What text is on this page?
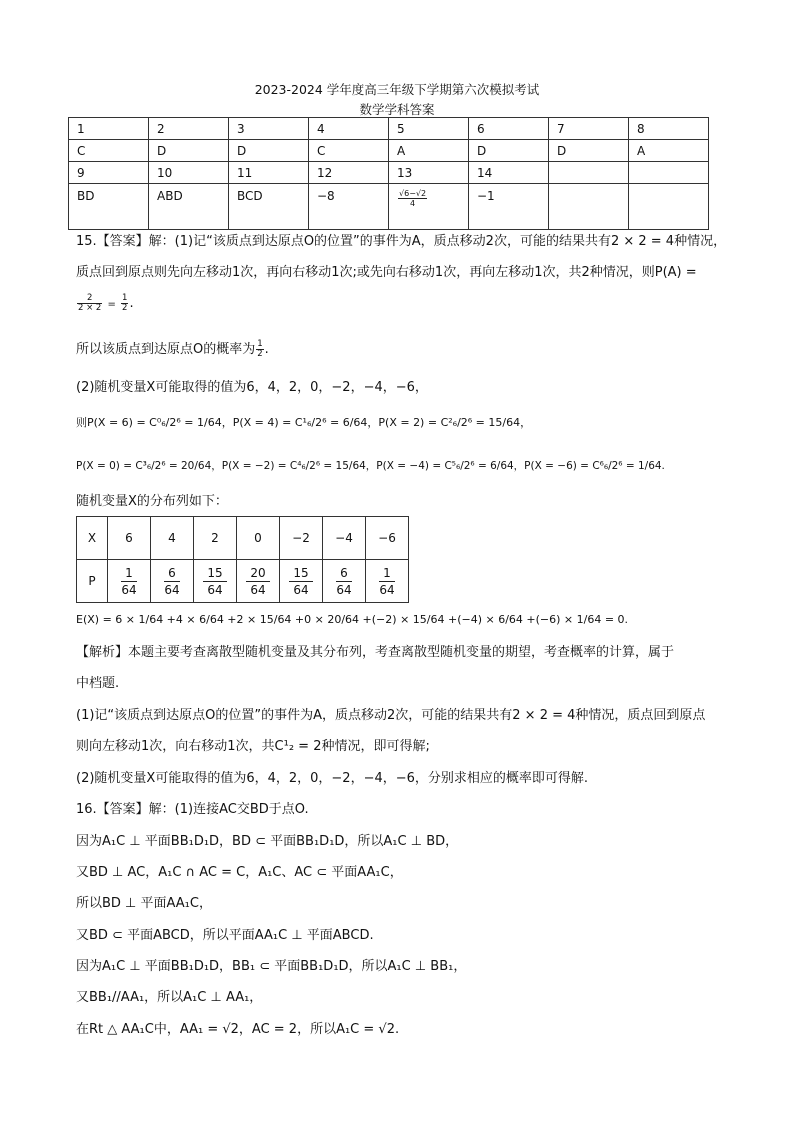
2023-2024 学年度高三年级下学期第六次模拟考试
数学学科答案
1	2	3	4	5	6	7	8
C	D	D	C	A	D	D	A
9	10	11	12	13	14		
BD	ABD	BCD	−8	$\frac{√6-√2}{4}$	−1		
15.【答案】解：(1)记“该质点到达原点O的位置”的事件为A，质点移动2次，可能的结果共有2 × 2 = 4种情况，
质点回到原点则先向左移动1次，再向右移动1次;或先向右移动1次，再向左移动1次，共2种情况，则P(A) =
$\frac{2}{2 \times 2} = \frac{1}{2}$ .
所以该质点到达原点O的概率为 $\frac{1}{2}$ .
(2)随机变量X可能取得的值为6，4，2，0，−2，−4，−6，
则P(X = 6) = C⁰₆/2⁶ = 1/64，P(X = 4) = C¹₆/2⁶ = 6/64，P(X = 2) = C²₆/2⁶ = 15/64，
P(X = 0) = C³₆/2⁶ = 20/64，P(X = −2) = C⁴₆/2⁶ = 15/64，P(X = −4) = C⁵₆/2⁶ = 6/64，P(X = −6) = C⁶₆/2⁶ = 1/64.
随机变量X的分布列如下：
X	6	4	2	0	−2	−4	−6
P	$\frac{1}{64}$	$\frac{6}{64}$	$\frac{15}{64}$	$\frac{20}{64}$	$\frac{15}{64}$	$\frac{6}{64}$	$\frac{1}{64}$
E(X) = 6 × 1/64 +4 × 6/64 +2 × 15/64 +0 × 20/64 +(−2) × 15/64 +(−4) × 6/64 +(−6) × 1/64 = 0.
【解析】本题主要考查离散型随机变量及其分布列，考查离散型随机变量的期望，考查概率的计算，属于
中档题.
(1)记“该质点到达原点O的位置”的事件为A，质点移动2次，可能的结果共有2 × 2 = 4种情况，质点回到原点
则向左移动1次，向右移动1次，共C¹₂ = 2种情况，即可得解;
(2)随机变量X可能取得的值为6，4，2，0，−2，−4，−6，分别求相应的概率即可得解.
16.【答案】解：(1)连接AC交BD于点O.
因为A₁C ⊥ 平面BB₁D₁D，BD ⊂ 平面BB₁D₁D，所以A₁C ⊥ BD，
又BD ⊥ AC，A₁C ∩ AC = C，A₁C、AC ⊂ 平面AA₁C，
所以BD ⊥ 平面AA₁C，
又BD ⊂ 平面ABCD，所以平面AA₁C ⊥ 平面ABCD.
因为A₁C ⊥ 平面BB₁D₁D，BB₁ ⊂ 平面BB₁D₁D，所以A₁C ⊥ BB₁，
又BB₁//AA₁，所以A₁C ⊥ AA₁，
在Rt △ AA₁C中，AA₁ = √2，AC = 2，所以A₁C = √2.
